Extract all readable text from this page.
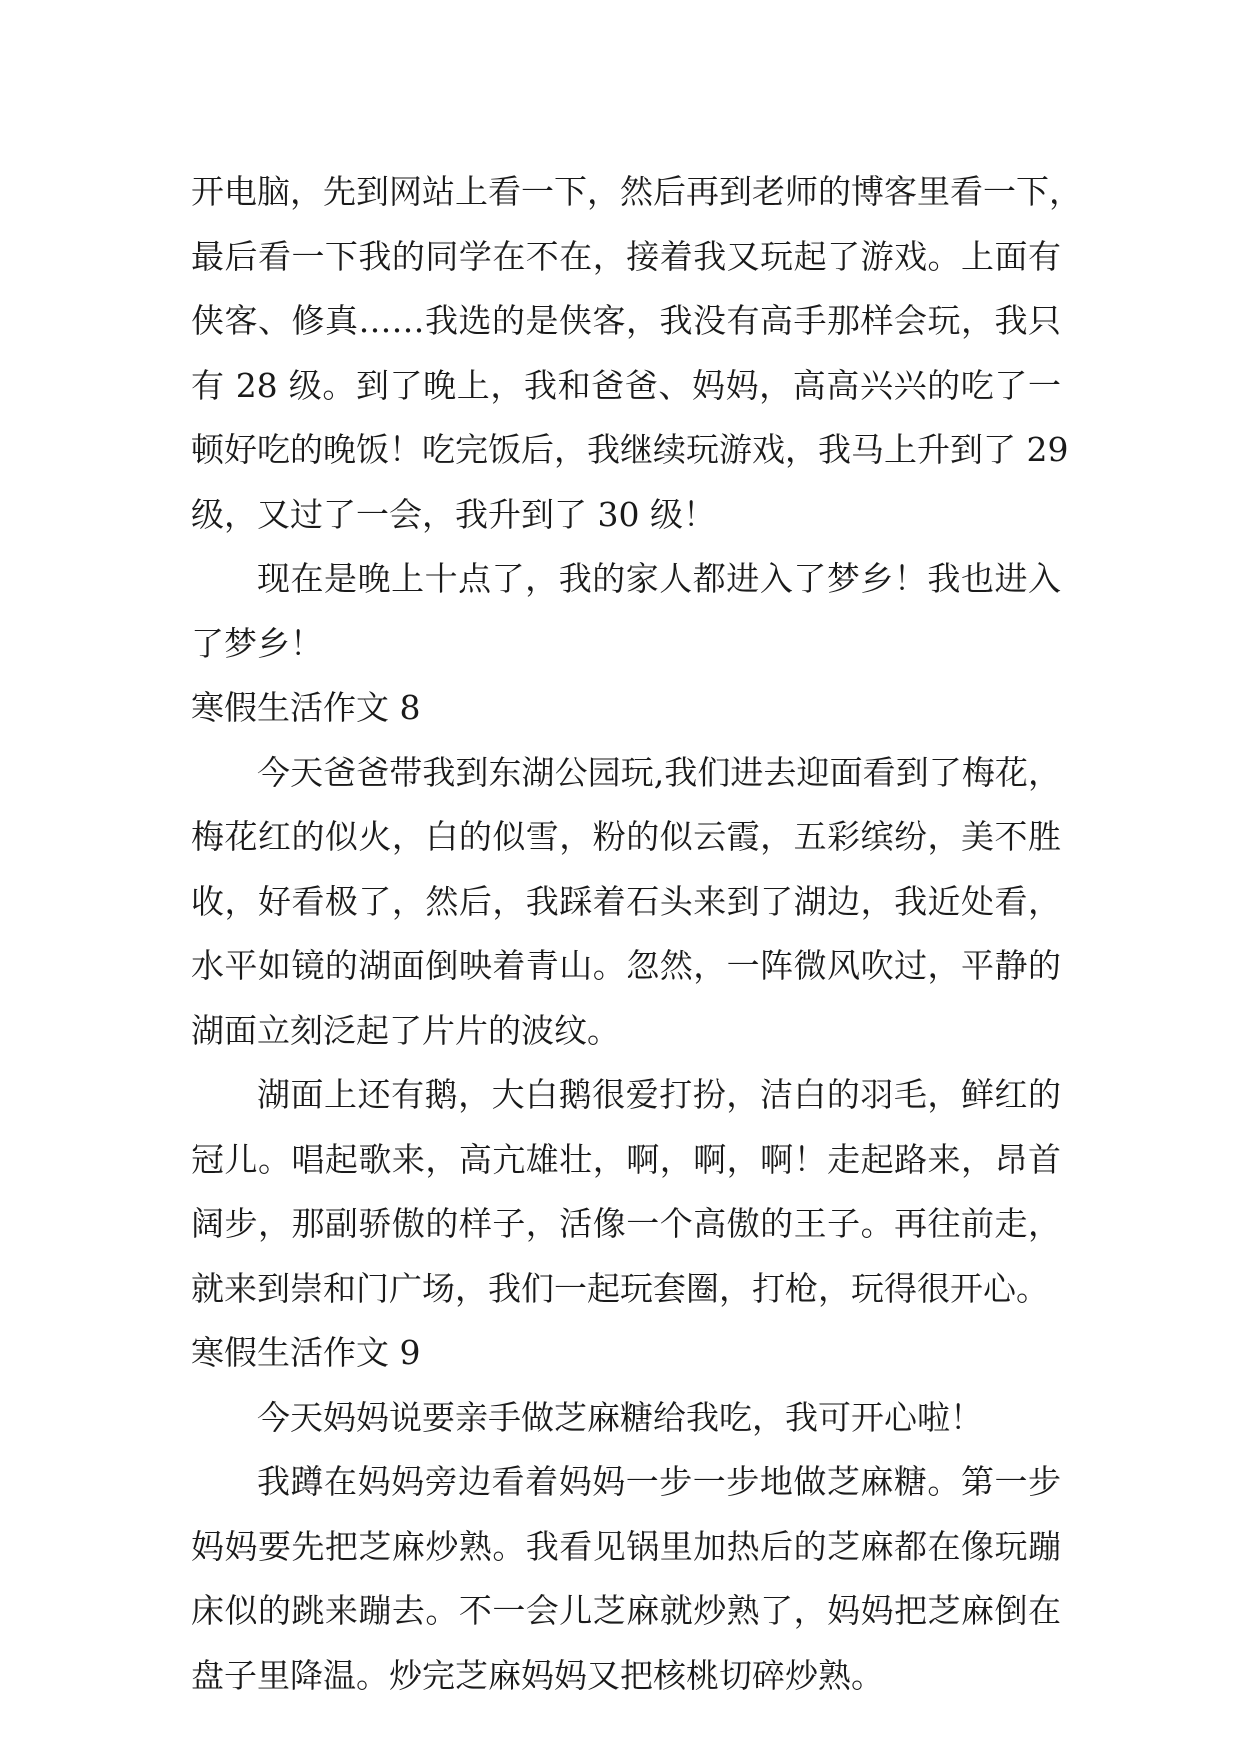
开电脑，先到网站上看一下，然后再到老师的博客里看一下，
最后看一下我的同学在不在，接着我又玩起了游戏。上面有
侠客、修真……我选的是侠客，我没有高手那样会玩，我只
有 28 级。到了晚上，我和爸爸、妈妈，高高兴兴的吃了一
顿好吃的晚饭！吃完饭后，我继续玩游戏，我马上升到了 29
级，又过了一会，我升到了 30 级！
现在是晚上十点了，我的家人都进入了梦乡！我也进入
了梦乡！
寒假生活作文 8
今天爸爸带我到东湖公园玩,我们进去迎面看到了梅花，
梅花红的似火，白的似雪，粉的似云霞，五彩缤纷，美不胜
收，好看极了，然后，我踩着石头来到了湖边，我近处看，
水平如镜的湖面倒映着青山。忽然，一阵微风吹过，平静的
湖面立刻泛起了片片的波纹。
湖面上还有鹅，大白鹅很爱打扮，洁白的羽毛，鲜红的
冠儿。唱起歌来，高亢雄壮，啊，啊，啊！走起路来，昂首
阔步，那副骄傲的样子，活像一个高傲的王子。再往前走，
就来到崇和门广场，我们一起玩套圈，打枪，玩得很开心。
寒假生活作文 9
今天妈妈说要亲手做芝麻糖给我吃，我可开心啦！
我蹲在妈妈旁边看着妈妈一步一步地做芝麻糖。第一步
妈妈要先把芝麻炒熟。我看见锅里加热后的芝麻都在像玩蹦
床似的跳来蹦去。不一会儿芝麻就炒熟了，妈妈把芝麻倒在
盘子里降温。炒完芝麻妈妈又把核桃切碎炒熟。
